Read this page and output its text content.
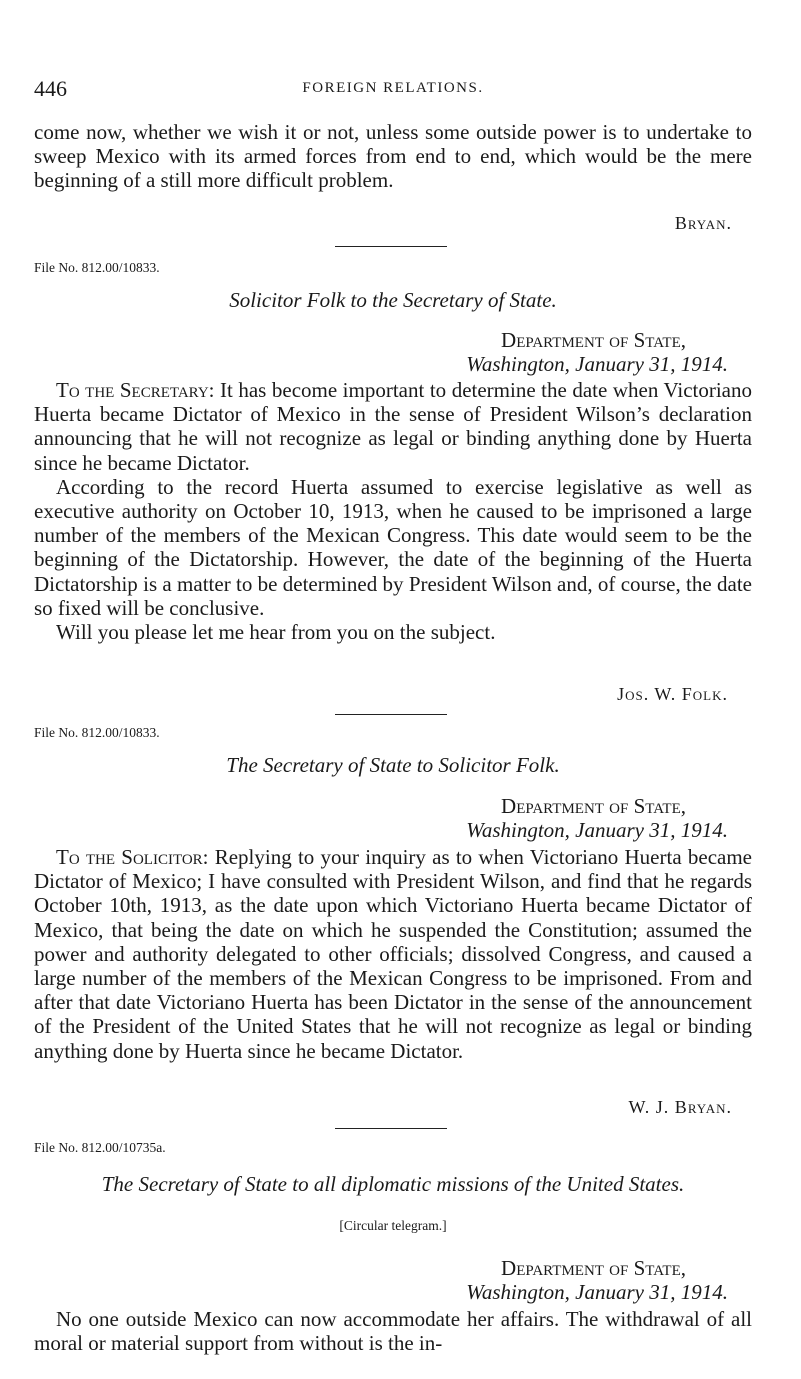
446	FOREIGN RELATIONS.

come now, whether we wish it or not, unless some outside power is to undertake to sweep Mexico with its armed forces from end to end, which would be the mere beginning of a still more difficult problem.

Bryan.
File No. 812.00/10833.
Solicitor Folk to the Secretary of State.
Department of State,
Washington, January 31, 1914.

To the Secretary: It has become important to determine the date when Victoriano Huerta became Dictator of Mexico in the sense of President Wilson’s declaration announcing that he will not recognize as legal or binding anything done by Huerta since he became Dictator.

According to the record Huerta assumed to exercise legislative as well as executive authority on October 10, 1913, when he caused to be imprisoned a large number of the members of the Mexican Congress. This date would seem to be the beginning of the Dictatorship. However, the date of the beginning of the Huerta Dictatorship is a matter to be determined by President Wilson and, of course, the date so fixed will be conclusive.

Will you please let me hear from you on the subject.

Jos. W. Folk.
File No. 812.00/10833.
The Secretary of State to Solicitor Folk.
Department of State,
Washington, January 31, 1914.

To the Solicitor: Replying to your inquiry as to when Victoriano Huerta became Dictator of Mexico; I have consulted with President Wilson, and find that he regards October 10th, 1913, as the date upon which Victoriano Huerta became Dictator of Mexico, that being the date on which he suspended the Constitution; assumed the power and authority delegated to other officials; dissolved Congress, and caused a large number of the members of the Mexican Congress to be imprisoned. From and after that date Victoriano Huerta has been Dictator in the sense of the announcement of the President of the United States that he will not recognize as legal or binding anything done by Huerta since he became Dictator.

W. J. Bryan.
File No. 812.00/10735a.
The Secretary of State to all diplomatic missions of the United States.
[Circular telegram.]
Department of State,
Washington, January 31, 1914.

No one outside Mexico can now accommodate her affairs. The withdrawal of all moral or material support from without is the in-
